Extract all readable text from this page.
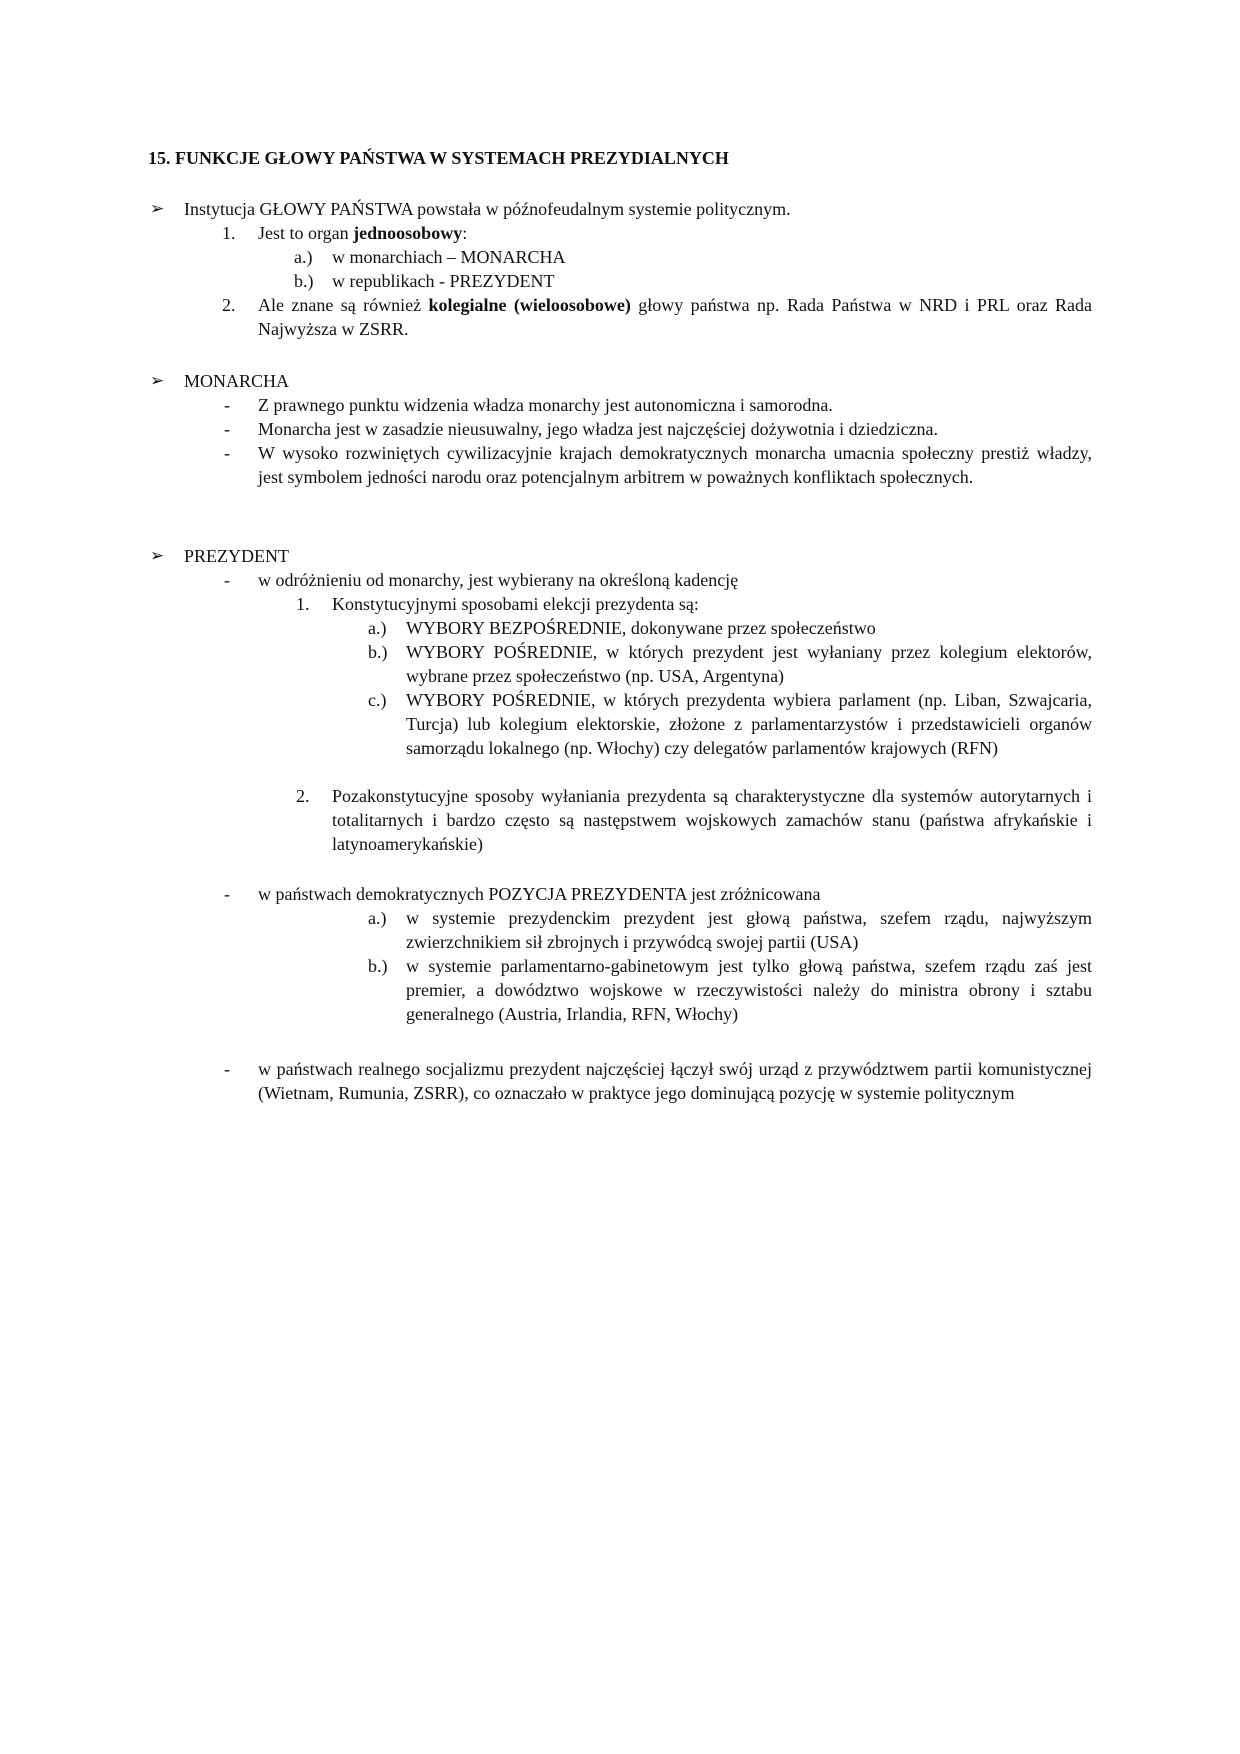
15. FUNKCJE GŁOWY PAŃSTWA W SYSTEMACH PREZYDIALNYCH
➢ Instytucja GŁOWY PAŃSTWA powstała w późnofeudalnym systemie politycznym.
1. Jest to organ jednoosobowy:
a.) w monarchiach – MONARCHA
b.) w republikach - PREZYDENT
2. Ale znane są również kolegialne (wieloosobowe) głowy państwa np. Rada Państwa w NRD i PRL oraz Rada Najwyższa w ZSRR.
➢ MONARCHA
- Z prawnego punktu widzenia władza monarchy jest autonomiczna i samorodna.
- Monarcha jest w zasadzie nieusuwalny, jego władza jest najczęściej dożywotnia i dziedziczna.
- W wysoko rozwiniętych cywilizacyjnie krajach demokratycznych monarcha umacnia społeczny prestiż władzy, jest symbolem jedności narodu oraz potencjalnym arbitrem w poważnych konfliktach społecznych.
➢ PREZYDENT
- w odróżnieniu od monarchy, jest wybierany na określoną kadencję
1. Konstytucyjnymi sposobami elekcji prezydenta są:
a.) WYBORY BEZPOŚREDNIE, dokonywane przez społeczeństwo
b.) WYBORY POŚREDNIE, w których prezydent jest wyłaniany przez kolegium elektorów, wybrane przez społeczeństwo (np. USA, Argentyna)
c.) WYBORY POŚREDNIE, w których prezydenta wybiera parlament (np. Liban, Szwajcaria, Turcja) lub kolegium elektorskie, złożone z parlamentarzystów i przedstawicieli organów samorządu lokalnego (np. Włochy) czy delegatów parlamentów krajowych (RFN)
2. Pozakonstytucyjne sposoby wyłaniania prezydenta są charakterystyczne dla systemów autorytarnych i totalitarnych i bardzo często są następstwem wojskowych zamachów stanu (państwa afrykańskie i latynoamerykańskie)
- w państwach demokratycznych POZYCJA PREZYDENTA jest zróżnicowana
a.) w systemie prezydenckim prezydent jest głową państwa, szefem rządu, najwyższym zwierzchnikiem sił zbrojnych i przywódcą swojej partii (USA)
b.) w systemie parlamentarno-gabinetowym jest tylko głową państwa, szefem rządu zaś jest premier, a dowództwo wojskowe w rzeczywistości należy do ministra obrony i sztabu generalnego (Austria, Irlandia, RFN, Włochy)
- w państwach realnego socjalizmu prezydent najczęściej łączył swój urząd z przywództwem partii komunistycznej (Wietnam, Rumunia, ZSRR), co oznaczało w praktyce jego dominującą pozycję w systemie politycznym
